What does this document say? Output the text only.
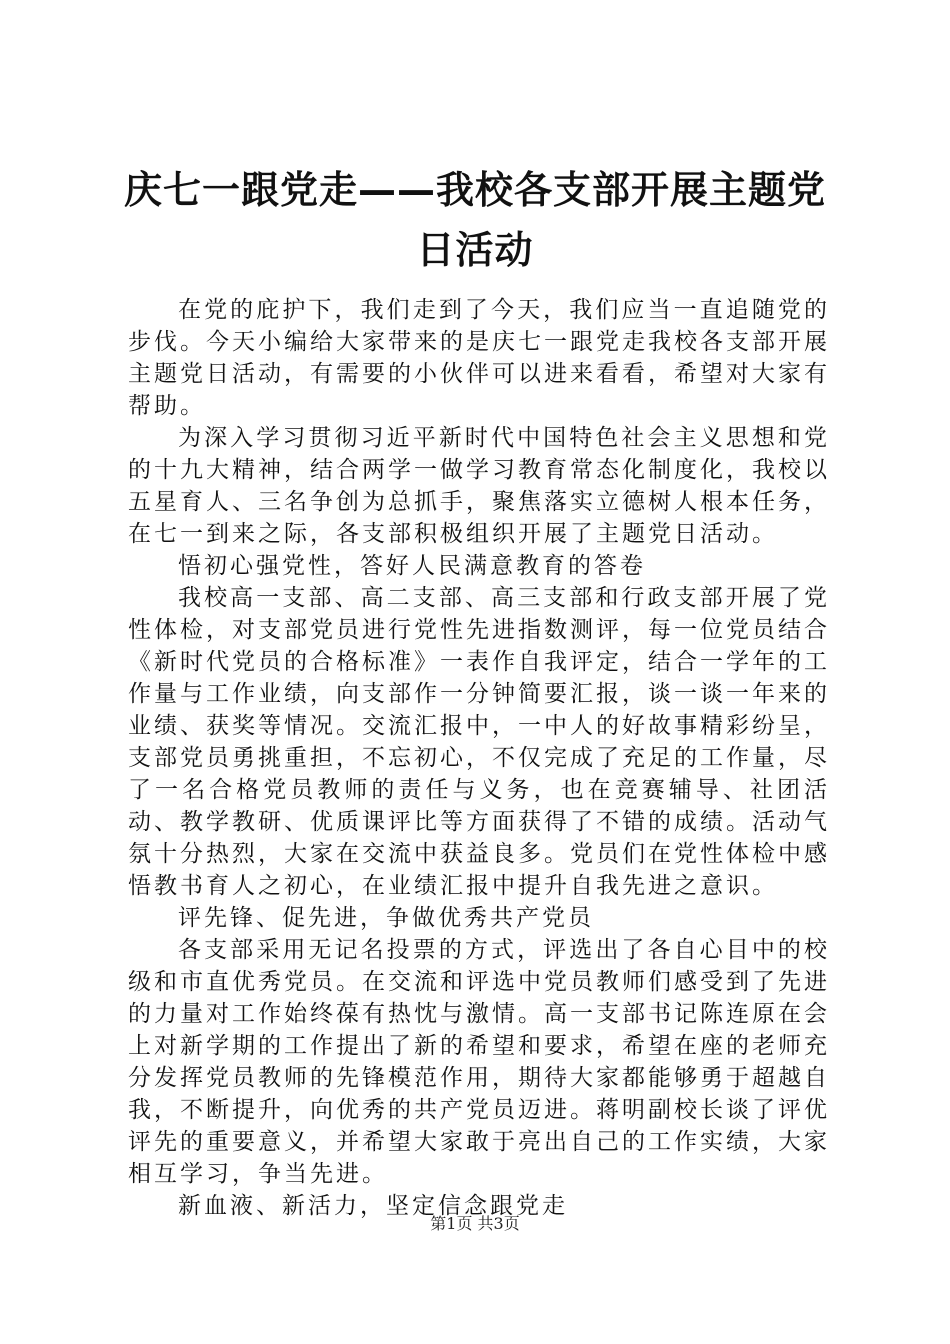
庆七一跟党走——我校各支部开展主题党日活动

在党的庇护下，我们走到了今天，我们应当一直追随党的步伐。今天小编给大家带来的是庆七一跟党走我校各支部开展主题党日活动，有需要的小伙伴可以进来看看，希望对大家有帮助。

为深入学习贯彻习近平新时代中国特色社会主义思想和党的十九大精神，结合两学一做学习教育常态化制度化，我校以五星育人、三名争创为总抓手，聚焦落实立德树人根本任务，在七一到来之际，各支部积极组织开展了主题党日活动。

悟初心强党性，答好人民满意教育的答卷

我校高一支部、高二支部、高三支部和行政支部开展了党性体检，对支部党员进行党性先进指数测评，每一位党员结合《新时代党员的合格标准》一表作自我评定，结合一学年的工作量与工作业绩，向支部作一分钟简要汇报，谈一谈一年来的业绩、获奖等情况。交流汇报中，一中人的好故事精彩纷呈，支部党员勇挑重担，不忘初心，不仅完成了充足的工作量，尽了一名合格党员教师的责任与义务，也在竞赛辅导、社团活动、教学教研、优质课评比等方面获得了不错的成绩。活动气氛十分热烈，大家在交流中获益良多。党员们在党性体检中感悟教书育人之初心，在业绩汇报中提升自我先进之意识。

评先锋、促先进，争做优秀共产党员

各支部采用无记名投票的方式，评选出了各自心目中的校级和市直优秀党员。在交流和评选中党员教师们感受到了先进的力量对工作始终葆有热忱与激情。高一支部书记陈连原在会上对新学期的工作提出了新的希望和要求，希望在座的老师充分发挥党员教师的先锋模范作用，期待大家都能够勇于超越自我，不断提升，向优秀的共产党员迈进。蒋明副校长谈了评优评先的重要意义，并希望大家敢于亮出自己的工作实绩，大家相互学习，争当先进。

新血液、新活力，坚定信念跟党走

第1页 共3页
